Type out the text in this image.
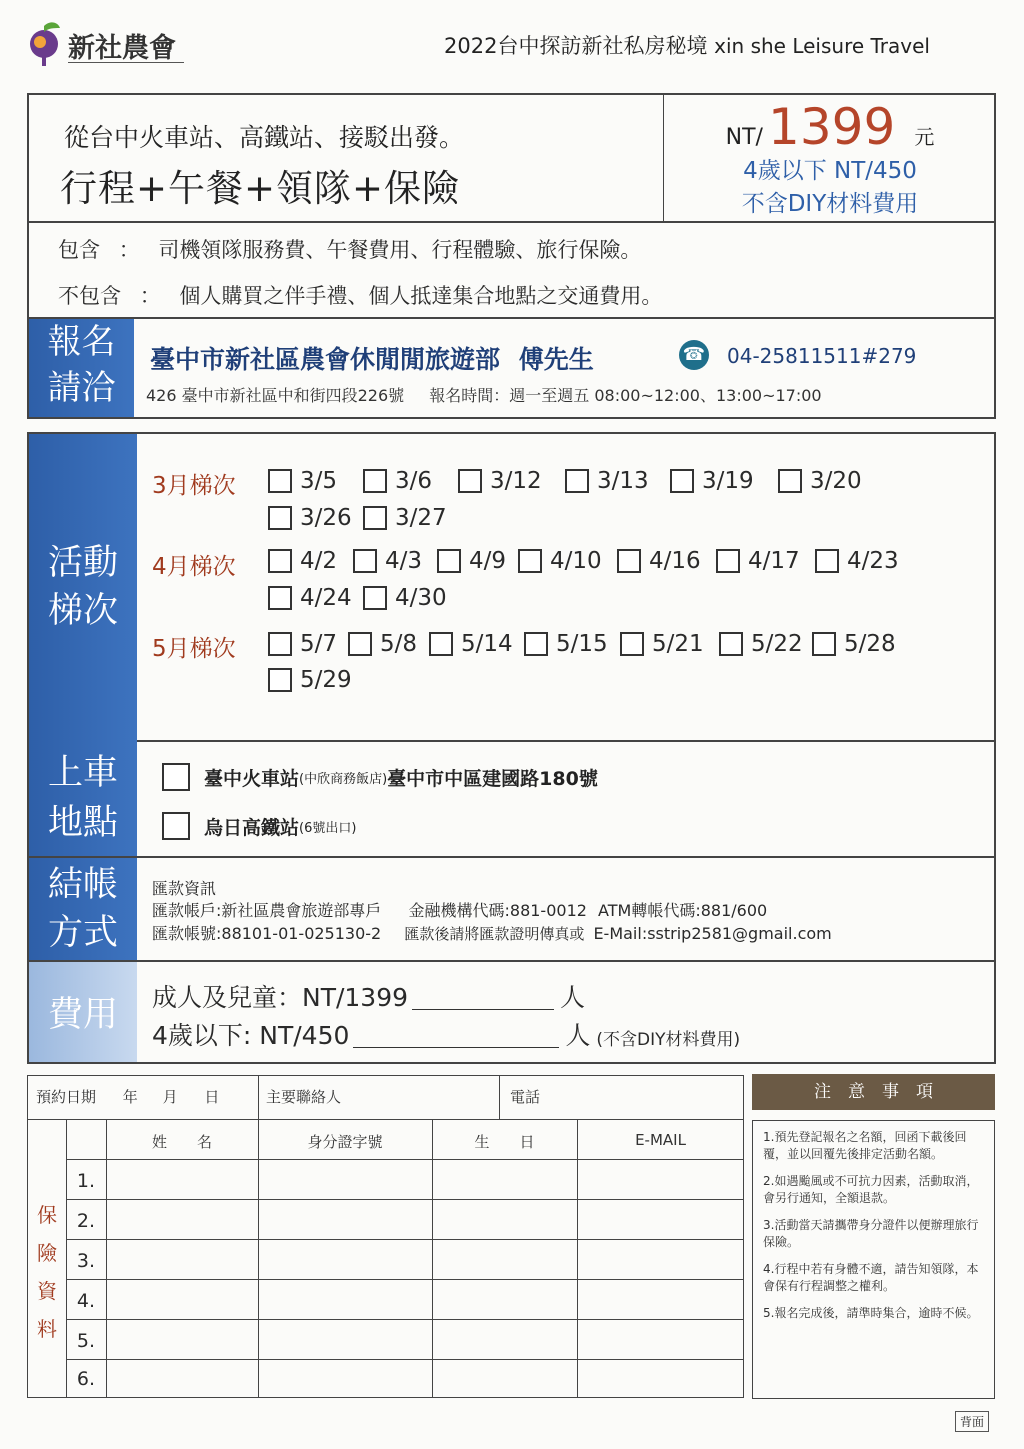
新社農會	2022台中探訪新社私房秘境 xin she Leisure Travel
從台中火車站、高鐵站、接駁出發。
行程+午餐+領隊+保險
NT/ 1399 元
4歲以下 NT/450
不含DIY材料費用
包含 ： 司機領隊服務費、午餐費用、行程體驗、旅行保險。
不包含 ： 個人購買之伴手禮、個人抵達集合地點之交通費用。
報名
請洽
臺中市新社區農會休閒閒旅遊部 傅先生	☎ 04-25811511#279
426 臺中市新社區中和街四段226號 報名時間：週一至週五 08:00~12:00、13:00~17:00
活動
梯次
3月梯次
4月梯次
5月梯次
3/5	3/6	3/12 3/13 3/19 3/20
3/26 3/27
4/2 4/3 4/9 4/10 4/16 4/17 4/23
4/24 4/30
5/7 5/8 5/14 5/15 5/21 5/22 5/28
5/29
上車
地點
臺中火車站 (中欣商務飯店) 臺中市中區建國路180號
烏日高鐵站 (6號出口)
結帳
方式
匯款資訊
匯款帳戶:新社區農會旅遊部專戶 金融機構代碼:881-0012 ATM轉帳代碼:881/600
匯款帳號:88101-01-025130-2 匯款後請將匯款證明傳真或 E-Mail:sstrip2581@gmail.com
費用 成人及兒童：NT/1399	人
4歲以下: NT/450	人 (不含DIY材料費用)
預約日期 年 月 日	主要聯絡人	電話
保
險
資
料
姓　　名	身分證字號	生　　日	E-MAIL
1.
2.
3.
4.
5.
6.
注　意　事　項

1.預先登記報名之名額，回函下載後回覆，並以回覆先後排定活動名額。

2.如遇颱風或不可抗力因素，活動取消，會另行通知，全額退款。

3.活動當天請攜帶身分證件以便辦理旅行保險。

4.行程中若有身體不適，請告知領隊，本會保有行程調整之權利。

5.報名完成後，請準時集合，逾時不候。

背面
